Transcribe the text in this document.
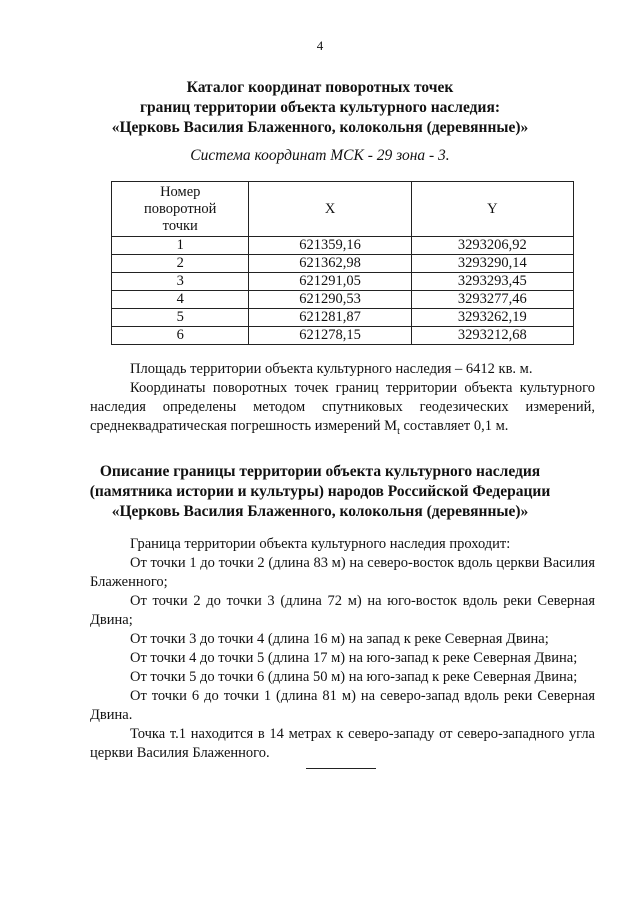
4
Каталог координат поворотных точек
границ территории объекта культурного наследия:
«Церковь Василия Блаженного, колокольня (деревянные)»
Система координат МСК - 29 зона - 3.
Номер
поворотной
точки	X	Y
1	621359,16	3293206,92
2	621362,98	3293290,14
3	621291,05	3293293,45
4	621290,53	3293277,46
5	621281,87	3293262,19
6	621278,15	3293212,68
Площадь территории объекта культурного наследия – 6412 кв. м.
Координаты поворотных точек границ территории объекта культурного наследия определены методом спутниковых геодезических измерений, среднеквадратическая погрешность измерений $M_t$ составляет 0,1 м.
Описание границы территории объекта культурного наследия
(памятника истории и культуры) народов Российской Федерации
«Церковь Василия Блаженного, колокольня (деревянные)»
Граница территории объекта культурного наследия проходит:
От точки 1 до точки 2 (длина 83 м) на северо-восток вдоль церкви Василия Блаженного;
От точки 2 до точки 3 (длина 72 м) на юго-восток вдоль реки Северная Двина;
От точки 3 до точки 4 (длина 16 м) на запад к реке Северная Двина;
От точки 4 до точки 5 (длина 17 м) на юго-запад к реке Северная Двина;
От точки 5 до точки 6 (длина 50 м) на юго-запад к реке Северная Двина;
От точки 6 до точки 1 (длина 81 м) на северо-запад вдоль реки Северная Двина.
Точка т.1 находится в 14 метрах к северо-западу от северо-западного угла церкви Василия Блаженного.
